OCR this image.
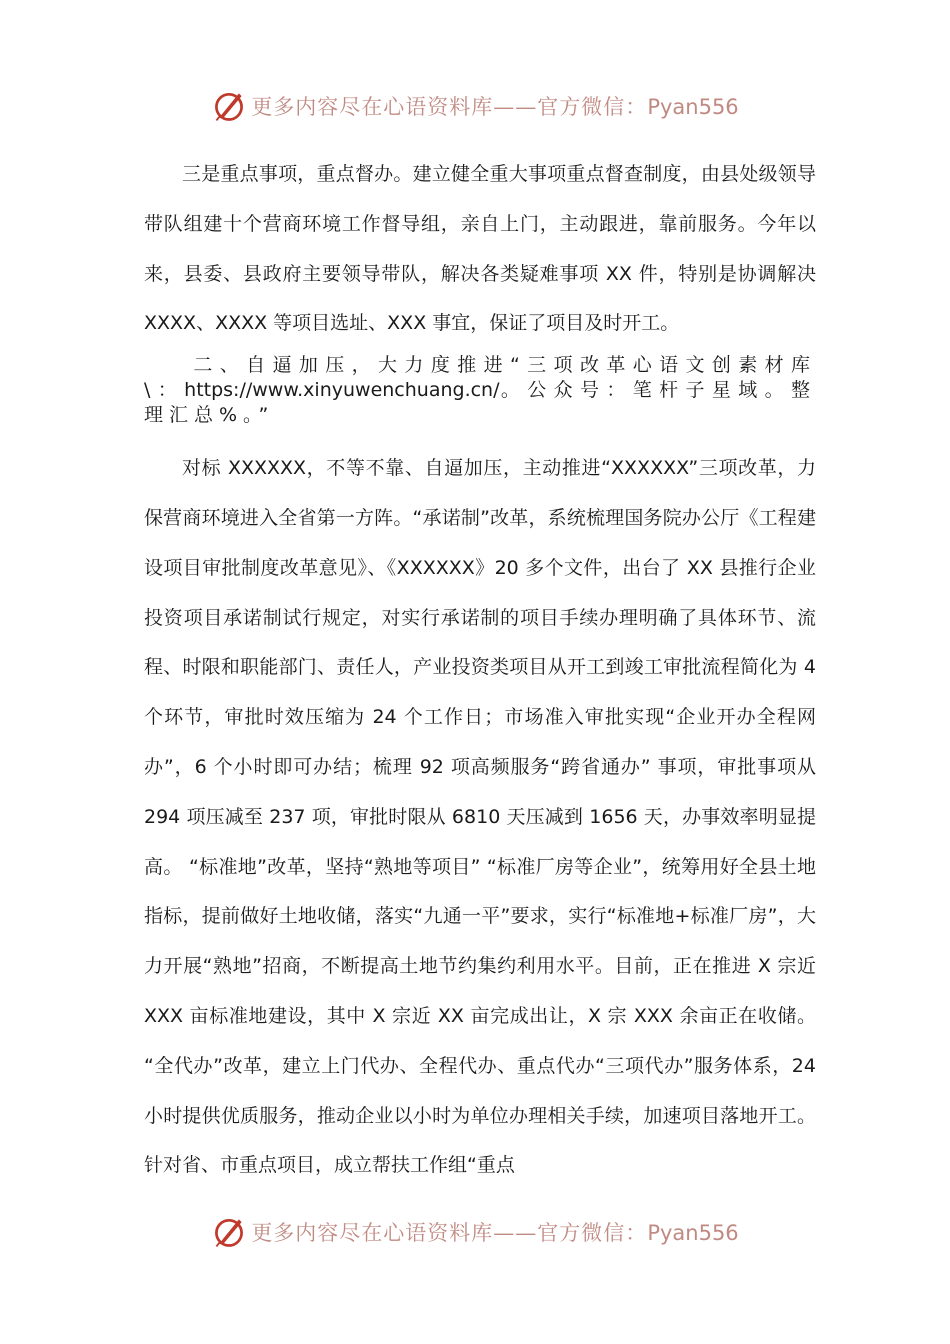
更多内容尽在心语资料库——官方微信：Pyan556

三是重点事项，重点督办。建立健全重大事项重点督查制度，由县处级领导带队组建十个营商环境工作督导组，亲自上门，主动跟进，靠前服务。今年以来，县委、县政府主要领导带队，解决各类疑难事项 XX 件，特别是协调解决 XXXX、XXXX 等项目选址、XXX 事宜，保证了项目及时开工。

二、自逼加压，大力度推进“三项改革心语文创素材库\：https://www.xinyuwenchuang.cn/。公众号：笔杆子星域。整理汇总%。”

对标 XXXXXX，不等不靠、自逼加压，主动推进“XXXXXX”三项改革，力保营商环境进入全省第一方阵。“承诺制”改革，系统梳理国务院办公厅《工程建设项目审批制度改革意见》、《XXXXXX》20 多个文件，出台了 XX 县推行企业投资项目承诺制试行规定，对实行承诺制的项目手续办理明确了具体环节、流程、时限和职能部门、责任人，产业投资类项目从开工到竣工审批流程简化为 4 个环节，审批时效压缩为 24 个工作日；市场准入审批实现“企业开办全程网办”，6 个小时即可办结；梳理 92 项高频服务“跨省通办” 事项，审批事项从 294 项压减至 237 项，审批时限从 6810 天压减到 1656 天，办事效率明显提高。 “标准地”改革，坚持“熟地等项目” “标准厂房等企业”，统筹用好全县土地指标，提前做好土地收储，落实“九通一平”要求，实行“标准地+标准厂房”，大力开展“熟地”招商，不断提高土地节约集约利用水平。目前，正在推进 X 宗近 XXX 亩标准地建设，其中 X 宗近 XX 亩完成出让，X 宗 XXX 余亩正在收储。 “全代办”改革，建立上门代办、全程代办、重点代办“三项代办”服务体系，24 小时提供优质服务，推动企业以小时为单位办理相关手续，加速项目落地开工。针对省、市重点项目，成立帮扶工作组“重点

更多内容尽在心语资料库——官方微信：Pyan556
